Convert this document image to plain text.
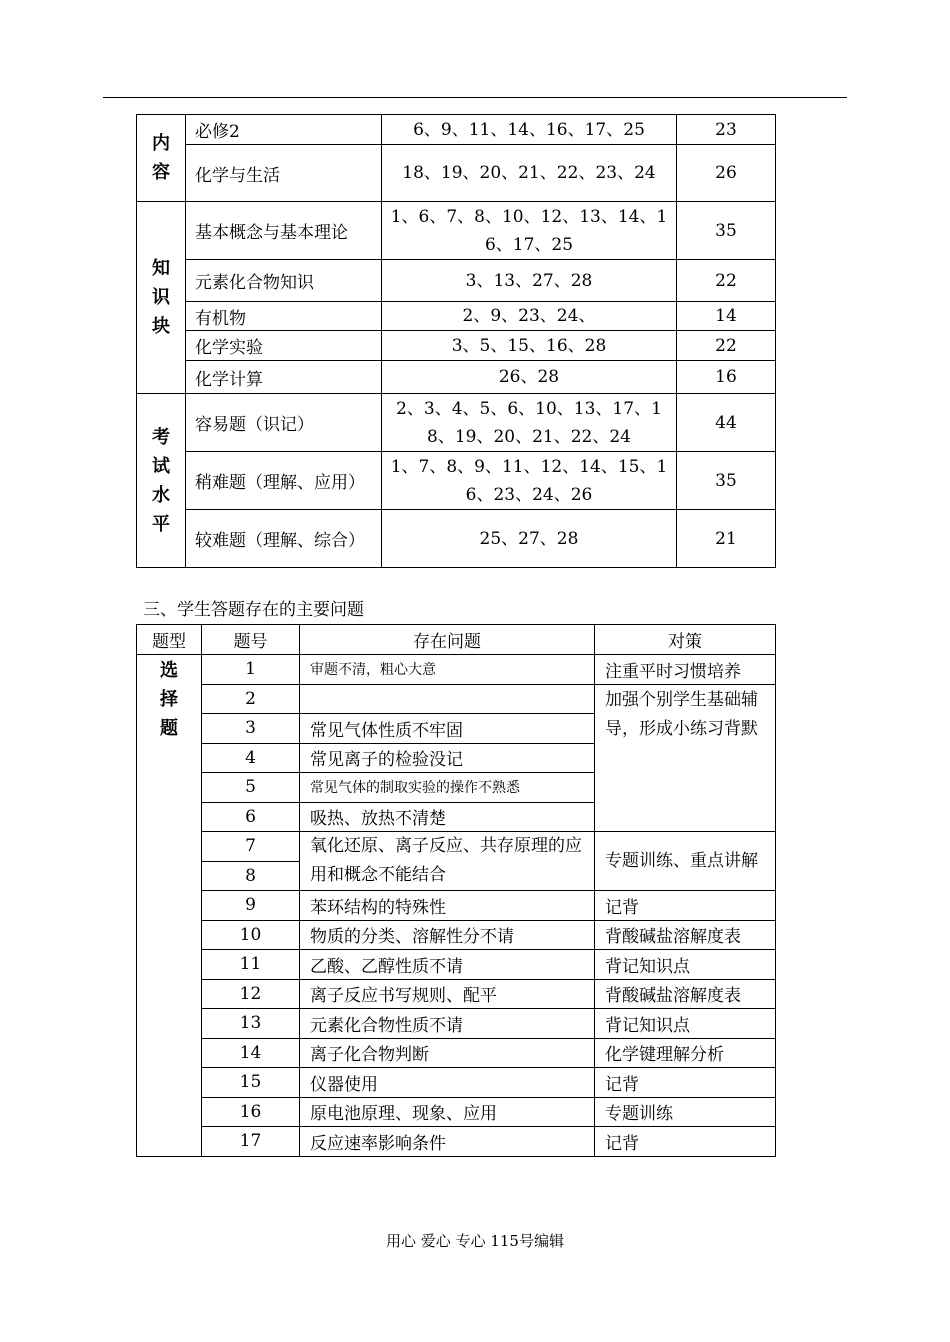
内
容	必修2	6、9、11、14、16、17、25	23
	化学与生活	18、19、20、21、22、23、24	26

知
识
块	基本概念与基本理论	1、6、7、8、10、12、13、14、16、17、25	35
	元素化合物知识	3、13、27、28	22
	有机物	2、9、23、24、	14
	化学实验	3、5、15、16、28	22
	化学计算	26、28	16

考
试
水
平	容易题（识记）	2、3、4、5、6、10、13、17、18、19、20、21、22、24	44
	稍难题（理解、应用）	1、7、8、9、11、12、14、15、16、23、24、26	35
	较难题（理解、综合）	25、27、28	21
三、学生答题存在的主要问题
题型	题号	存在问题	对策

选
择
题	1	审题不清，粗心大意	注重平时习惯培养
	2		加强个别学生基础辅导，形成小练习背默
	3	常见气体性质不牢固	
	4	常见离子的检验没记	
	5	常见气体的制取实验的操作不熟悉	
	6	吸热、放热不清楚	
	7	氧化还原、离子反应、共存原理的应用和概念不能结合	专题训练、重点讲解
	8		
	9	苯环结构的特殊性	记背
	10	物质的分类、溶解性分不请	背酸碱盐溶解度表
	11	乙酸、乙醇性质不请	背记知识点
	12	离子反应书写规则、配平	背酸碱盐溶解度表
	13	元素化合物性质不请	背记知识点
	14	离子化合物判断	化学键理解分析
	15	仪器使用	记背
	16	原电池原理、现象、应用	专题训练
	17	反应速率影响条件	记背
用心 爱心 专心 115号编辑
